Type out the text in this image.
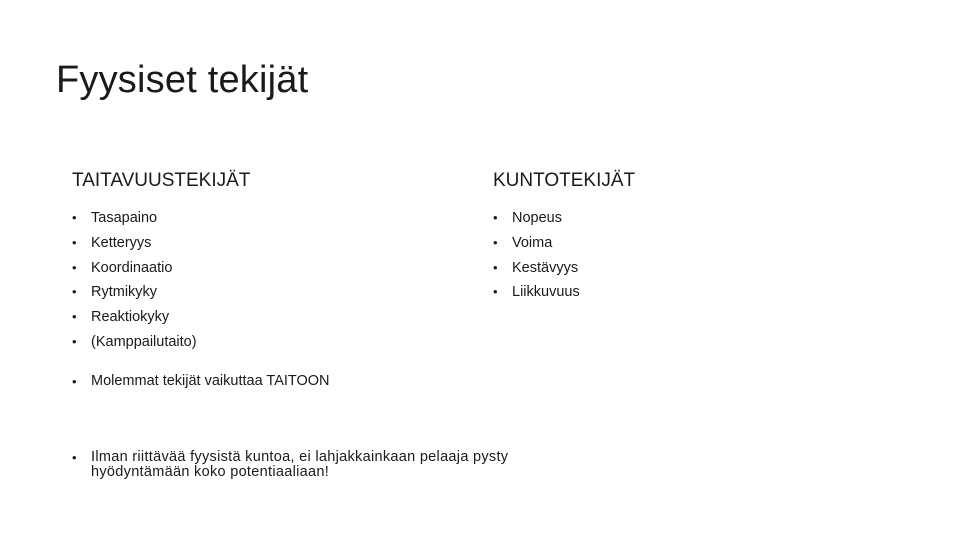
Fyysiset tekijät
TAITAVUUSTEKIJÄT
• Tasapaino
• Ketteryys
• Koordinaatio
• Rytmikyky
• Reaktiokyky
• (Kamppailutaito)
KUNTOTEKIJÄT
• Nopeus
• Voima
• Kestävyys
• Liikkuvuus
• Molemmat tekijät vaikuttaa TAITOON
• Ilman riittävää fyysistä kuntoa, ei lahjakkainkaan pelaaja pysty hyödyntämään koko potentiaaliaan!
